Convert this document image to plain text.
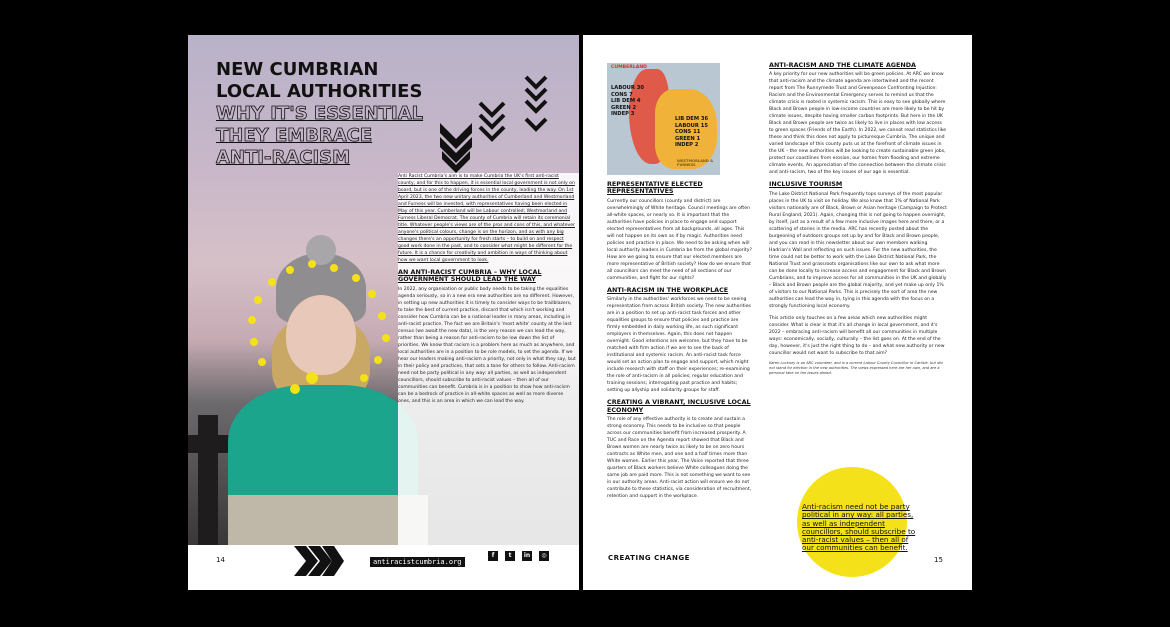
NEW CUMBRIAN
LOCAL AUTHORITIES
WHY IT'S ESSENTIAL
THEY EMBRACE
ANTI-RACISM

Anti Racist Cumbria's aim is to make Cumbria the UK's first anti-racist county, and for this to happen, it is essential local government is not only on board, but is one of the driving forces in the county, leading the way. On 1st April 2023, the two new unitary authorities of Cumberland and Westmorland and Furness will be invested, with representatives having been elected in May of this year. Cumberland will be Labour controlled; Westmorland and Furness Liberal Democrat. The county of Cumbria will retain its ceremonial title. Whatever people's views are of the pros and cons of this, and whatever anyone's political colours, change is on the horizon, and as with any big changes there's an opportunity for fresh starts – to build on and respect good work done in the past, and to consider what might be different for the future. It is a chance for creativity and ambition in ways of thinking about how we want local government to look.

AN ANTI-RACIST CUMBRIA – WHY LOCAL GOVERNMENT SHOULD LEAD THE WAY

In 2022, any organisation or public body needs to be taking the equalities agenda seriously, so in a new era new authorities are no different. However, in setting up new authorities it is timely to consider ways to be trailblazers, to take the best of current practice, discard that which isn't working and consider how Cumbria can be a national leader in many areas, including in anti-racist practice. The fact we are Britain's 'most white' county at the last census (we await the new data), is the very reason we can lead the way, rather than being a reason for anti-racism to be low down the list of priorities. We know that racism is a problem here as much as anywhere, and local authorities are in a position to be role models, to set the agenda. If we hear our leaders making anti-racism a priority, not only in what they say, but in their policy and practices, that sets a tone for others to follow. Anti-racism need not be party political in any way: all parties, as well as independent councillors, should subscribe to anti-racist values – then all of our communities can benefit. Cumbria is in a position to show how anti-racism can be a bedrock of practice in all-white spaces as well as more diverse ones, and this is an area in which we can lead the way.

14	antiracistcumbria.org
f	t	in	◎
CUMBERLAND
LABOUR 30
CONS 7
LIB DEM 4
GREEN 2
INDEP 3
LIB DEM 36
LABOUR 15
CONS 11
GREEN 1
INDEP 2
WESTMORLAND & FURNESS
REPRESENTATIVE ELECTED REPRESENTATIVES

Currently our councillors (county and district) are overwhelmingly of White heritage. Council meetings are often all-white spaces, or nearly so. It is important that the authorities have policies in place to engage and support elected representatives from all backgrounds, all ages. This will not happen on its own as if by magic. Authorities need policies and practice in place. We need to be asking when will local authority leaders in Cumbria be from the global majority? How are we going to ensure that our elected members are more representative of British society? How do we ensure that all councillors can meet the need of all sections of our communities, and fight for our rights?

ANTI-RACISM IN THE WORKPLACE

Similarly in the authorities' workforces we need to be seeing representation from across British society. The new authorities are in a position to set up anti-racist task forces and other equalities groups to ensure that policies and practice are firmly embedded in daily working life, as such significant employers in themselves. Again, this does not happen overnight. Good intentions are welcome, but they have to be matched with firm action if we are to see the back of institutional and systemic racism. An anti-racist task force would set an action plan to engage and support, which might include research with staff on their experiences; re-examining the role of anti-racism in all policies; regular education and training sessions; interrogating past practice and habits; setting up allyship and solidarity groups for staff.

CREATING A VIBRANT, INCLUSIVE LOCAL ECONOMY

The role of any effective authority is to create and sustain a strong economy. This needs to be inclusive so that people across our communities benefit from increased prosperity. A TUC and Race on the Agenda report showed that Black and Brown women are nearly twice as likely to be on zero hours contracts as White men, and one and a half times more than White women. Earlier this year, The Voice reported that three quarters of Black workers believe White colleagues doing the same job are paid more. This is not something we want to see in our authority areas. Anti-racist action will ensure we do not contribute to these statistics, via consideration of recruitment, retention and support in the workplace.

ANTI-RACISM AND THE CLIMATE AGENDA

A key priority for our new authorities will be green policies. At ARC we know that anti-racism and the climate agenda are intertwined and the recent report from The Runnymede Trust and Greenpeace Confronting Injustice: Racism and the Environmental Emergency serves to remind us that the climate crisis is rooted in systemic racism. This is easy to see globally where Black and Brown people in low-income countries are more likely to be hit by climate issues, despite having smaller carbon footprints. But here in the UK Black and Brown people are twice as likely to live in places with low access to green spaces (Friends of the Earth). In 2022, we cannot read statistics like these and think this does not apply to picturesque Cumbria. The unique and varied landscape of this county puts us at the forefront of climate issues in the UK – the new authorities will be looking to create sustainable green jobs, protect our coastlines from erosion, our homes from flooding and extreme climate events. An appreciation of the connection between the climate crisis and anti-racism, two of the key issues of our age is essential.

INCLUSIVE TOURISM

The Lake District National Park frequently tops surveys of the most popular places in the UK to visit on holiday. We also know that 1% of National Park visitors nationally are of Black, Brown or Asian heritage (Campaign to Protect Rural England, 2021). Again, changing this is not going to happen overnight, by itself, just as a result of a few more inclusive images here and there, or a scattering of stories in the media. ARC has recently posted about the burgeoning of outdoors groups set up by and for Black and Brown people, and you can read in this newsletter about our own members walking Hadrian's Wall and reflecting on such issues. For the new authorities, the time could not be better to work with the Lake District National Park, the National Trust and grassroots organisations like our own to ask what more can be done locally to increase access and engagement for Black and Brown Cumbrians, and to improve access for all communities in the UK and globally – Black and Brown people are the global majority, and yet make up only 1% of visitors to our National Parks. This is precisely the sort of area the new authorities can lead the way in, tying in this agenda with the focus on a strongly functioning local economy.

This article only touches on a few areas which new authorities might consider. What is clear is that it's all change in local government, and it's 2022 – embracing anti-racism will benefit all our communities in multiple ways: economically, socially, culturally – the list goes on. At the end of the day, however, it's just the right thing to do – and what new authority or new councillor would not want to subscribe to that aim?

Karen Lockney is an ARC volunteer, and is a current Labour County Councillor in Carlisle, but did not stand for election in the new authorities. The views expressed here are her own, and are a personal take on the issues ahead.

Anti-racism need not be party political in any way: all parties, as well as independent councillors, should subscribe to anti-racist values – then all of our communities can benefit.

CREATING CHANGE	15
